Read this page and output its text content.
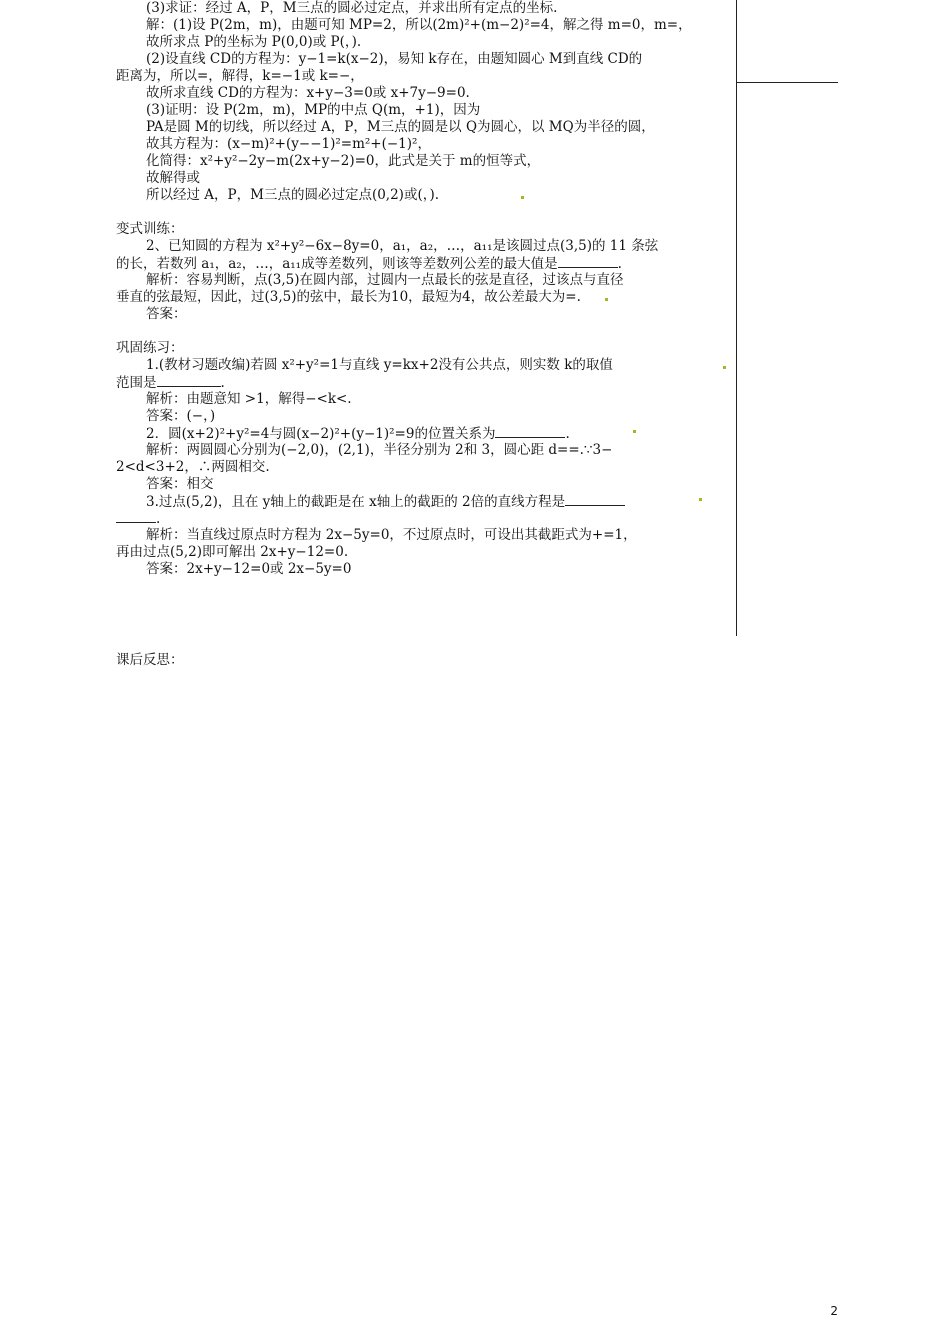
(3)求证：经过 A，P，M三点的圆必过定点，并求出所有定点的坐标.
解：(1)设 P(2m，m)，由题可知 MP=2，所以(2m)²+(m−2)²=4，解之得 m=0，m=，
故所求点 P的坐标为 P(0,0)或 P(，).
(2)设直线 CD的方程为：y−1=k(x−2)，易知 k存在，由题知圆心 M到直线 CD的
距离为，所以=，解得，k=−1或 k=−，
故所求直线 CD的方程为：x+y−3=0或 x+7y−9=0.
(3)证明：设 P(2m，m)，MP的中点 Q(m，+1)，因为
PA是圆 M的切线，所以经过 A，P，M三点的圆是以 Q为圆心，以 MQ为半径的圆，
故其方程为：(x−m)²+(y−−1)²=m²+(−1)²，
化简得：x²+y²−2y−m(2x+y−2)=0，此式是关于 m的恒等式，
故解得或
所以经过 A，P，M三点的圆必过定点(0,2)或(，).
变式训练：
2、已知圆的方程为 x²+y²−6x−8y=0，a₁，a₂，…，a₁₁是该圆过点(3,5)的 11 条弦
的长，若数列 a₁，a₂，…，a₁₁成等差数列，则该等差数列公差的最大值是	.
解析：容易判断，点(3,5)在圆内部，过圆内一点最长的弦是直径，过该点与直径
垂直的弦最短，因此，过(3,5)的弦中，最长为10，最短为4，故公差最大为=.
答案：
巩固练习：
1.(教材习题改编)若圆 x²+y²=1与直线 y=kx+2没有公共点，则实数 k的取值
范围是	.
解析：由题意知 >1，解得−<k<.
答案：(−，)
2．圆(x+2)²+y²=4与圆(x−2)²+(y−1)²=9的位置关系为	.
解析：两圆圆心分别为(−2,0)，(2,1)，半径分别为 2和 3，圆心距 d==.∵3−
2<d<3+2，∴两圆相交.
答案：相交
3.过点(5,2)，且在 y轴上的截距是在 x轴上的截距的 2倍的直线方程是
.
解析：当直线过原点时方程为 2x−5y=0，不过原点时，可设出其截距式为+=1，
再由过点(5,2)即可解出 2x+y−12=0.
答案：2x+y−12=0或 2x−5y=0
课后反思：
2
